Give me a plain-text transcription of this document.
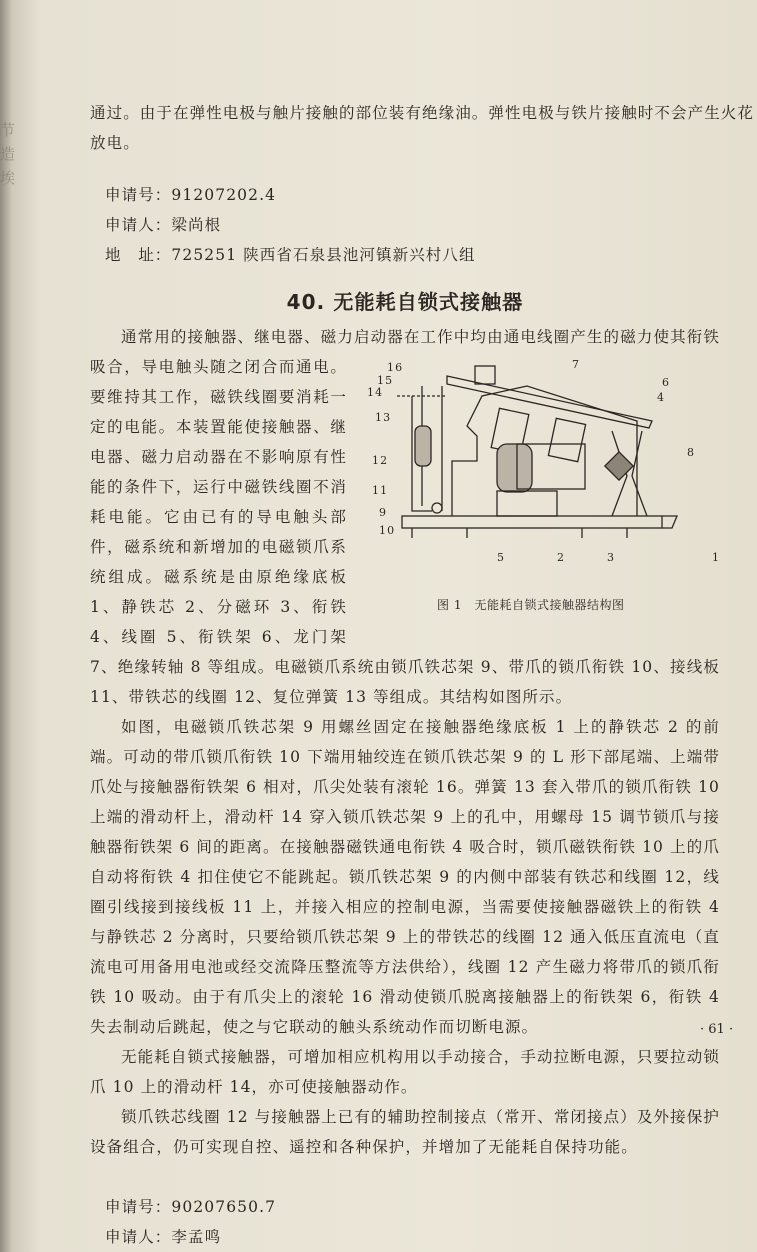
节造埃
通过。由于在弹性电极与触片接触的部位装有绝缘油。弹性电极与铁片接触时不会产生火花
放电。
申请号：91207202.4
申请人：梁尚根
地　址：725251 陕西省石泉县池河镇新兴村八组
40. 无能耗自锁式接触器
1
2	3
4
5
6
7
8
9
10
11
12
13
14
15
16
图 1　无能耗自锁式接触器结构图

通常用的接触器、继电器、磁力启动器在工作中均由通电线圈产生的磁力使其衔铁吸合，导电触头随之闭合而通电。要维持其工作，磁铁线圈要消耗一定的电能。本装置能使接触器、继电器、磁力启动器在不影响原有性能的条件下，运行中磁铁线圈不消耗电能。它由已有的导电触头部件，磁系统和新增加的电磁锁爪系统组成。磁系统是由原绝缘底板 1、静铁芯 2、分磁环 3、衔铁 4、线圈 5、衔铁架 6、龙门架 7、绝缘转轴 8 等组成。电磁锁爪系统由锁爪铁芯架 9、带爪的锁爪衔铁 10、接线板 11、带铁芯的线圈 12、复位弹簧 13 等组成。其结构如图所示。

如图，电磁锁爪铁芯架 9 用螺丝固定在接触器绝缘底板 1 上的静铁芯 2 的前端。可动的带爪锁爪衔铁 10 下端用轴绞连在锁爪铁芯架 9 的 L 形下部尾端、上端带爪处与接触器衔铁架 6 相对，爪尖处装有滚轮 16。弹簧 13 套入带爪的锁爪衔铁 10 上端的滑动杆上，滑动杆 14 穿入锁爪铁芯架 9 上的孔中，用螺母 15 调节锁爪与接触器衔铁架 6 间的距离。在接触器磁铁通电衔铁 4 吸合时，锁爪磁铁衔铁 10 上的爪自动将衔铁 4 扣住使它不能跳起。锁爪铁芯架 9 的内侧中部装有铁芯和线圈 12，线圈引线接到接线板 11 上，并接入相应的控制电源，当需要使接触器磁铁上的衔铁 4 与静铁芯 2 分离时，只要给锁爪铁芯架 9 上的带铁芯的线圈 12 通入低压直流电（直流电可用备用电池或经交流降压整流等方法供给），线圈 12 产生磁力将带爪的锁爪衔铁 10 吸动。由于有爪尖上的滚轮 16 滑动使锁爪脱离接触器上的衔铁架 6，衔铁 4 失去制动后跳起，使之与它联动的触头系统动作而切断电源。

无能耗自锁式接触器，可增加相应机构用以手动接合，手动拉断电源，只要拉动锁爪 10 上的滑动杆 14，亦可使接触器动作。

锁爪铁芯线圈 12 与接触器上已有的辅助控制接点（常开、常闭接点）及外接保护设备组合，仍可实现自控、遥控和各种保护，并增加了无能耗自保持功能。

申请号：90207650.7
申请人：李孟鸣
· 61 ·
